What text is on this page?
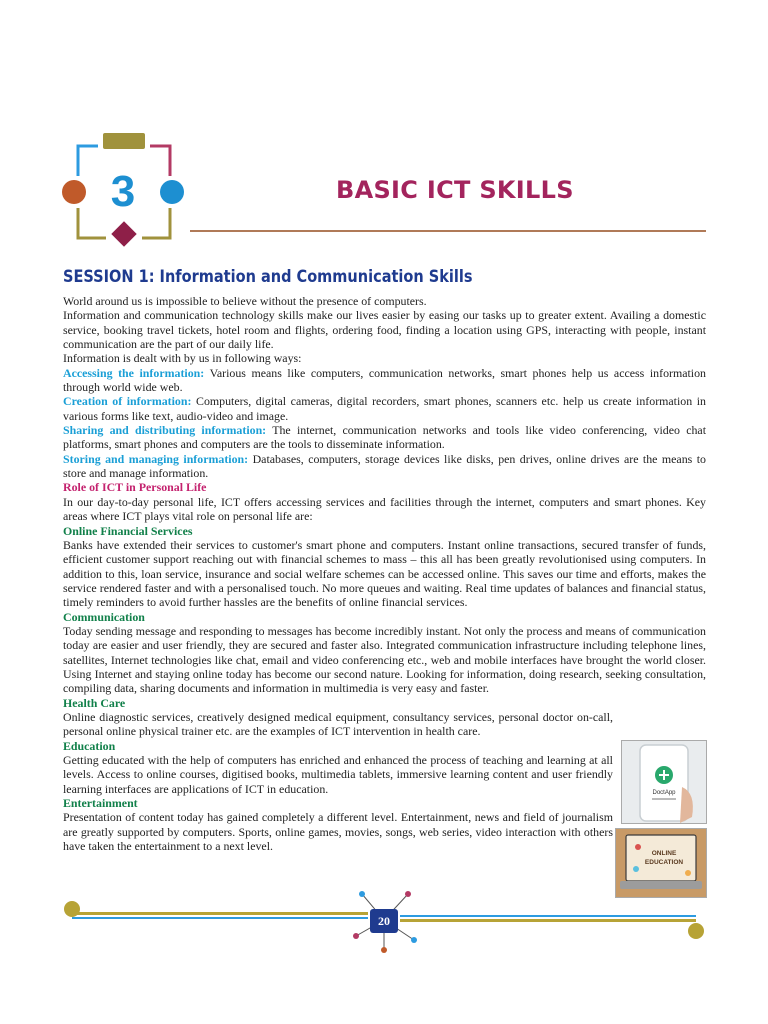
3	BASIC ICT SKILLS
SESSION 1: Information and Communication Skills

World around us is impossible to believe without the presence of computers.

Information and communication technology skills make our lives easier by easing our tasks up to greater extent. Availing a domestic service, booking travel tickets, hotel room and flights, ordering food, finding a location using GPS, interacting with people, instant communication are the part of our daily life.

Information is dealt with by us in following ways:

Accessing the information: Various means like computers, communication networks, smart phones help us access information through world wide web.

Creation of information: Computers, digital cameras, digital recorders, smart phones, scanners etc. help us create information in various forms like text, audio-video and image.

Sharing and distributing information: The internet, communication networks and tools like video conferencing, video chat platforms, smart phones and computers are the tools to disseminate information.

Storing and managing information: Databases, computers, storage devices like disks, pen drives, online drives are the means to store and manage information.

Role of ICT in Personal Life

In our day-to-day personal life, ICT offers accessing services and facilities through the internet, computers and smart phones. Key areas where ICT plays vital role on personal life are:

Online Financial Services

Banks have extended their services to customer's smart phone and computers. Instant online transactions, secured transfer of funds, efficient customer support reaching out with financial schemes to mass – this all has been greatly revolutionised using computers. In addition to this, loan service, insurance and social welfare schemes can be accessed online. This saves our time and efforts, makes the service rendered faster and with a personalised touch. No more queues and waiting. Real time updates of balances and financial status, timely reminders to avoid further hassles are the benefits of online financial services.

Communication

Today sending message and responding to messages has become incredibly instant. Not only the process and means of communication today are easier and user friendly, they are secured and faster also. Integrated communication infrastructure including telephone lines, satellites, Internet technologies like chat, email and video conferencing etc., web and mobile interfaces have brought the world closer. Using Internet and staying online today has become our second nature. Looking for information, doing research, seeking consultation, compiling data, sharing documents and information in multimedia is very easy and faster.

Health Care

Online diagnostic services, creatively designed medical equipment, consultancy services, personal doctor on-call, personal online physical trainer etc. are the examples of ICT intervention in health care.

Education

Getting educated with the help of computers has enriched and enhanced the process of teaching and learning at all levels. Access to online courses, digitised books, multimedia tablets, immersive learning content and user friendly learning interfaces are applications of ICT in education.

Entertainment

Presentation of content today has gained completely a different level. Entertainment, news and field of journalism are greatly supported by computers. Sports, online games, movies, songs, web series, video interaction with others have taken the entertainment to a next level.

DoctApp
ONLINE
EDUCATION
20
